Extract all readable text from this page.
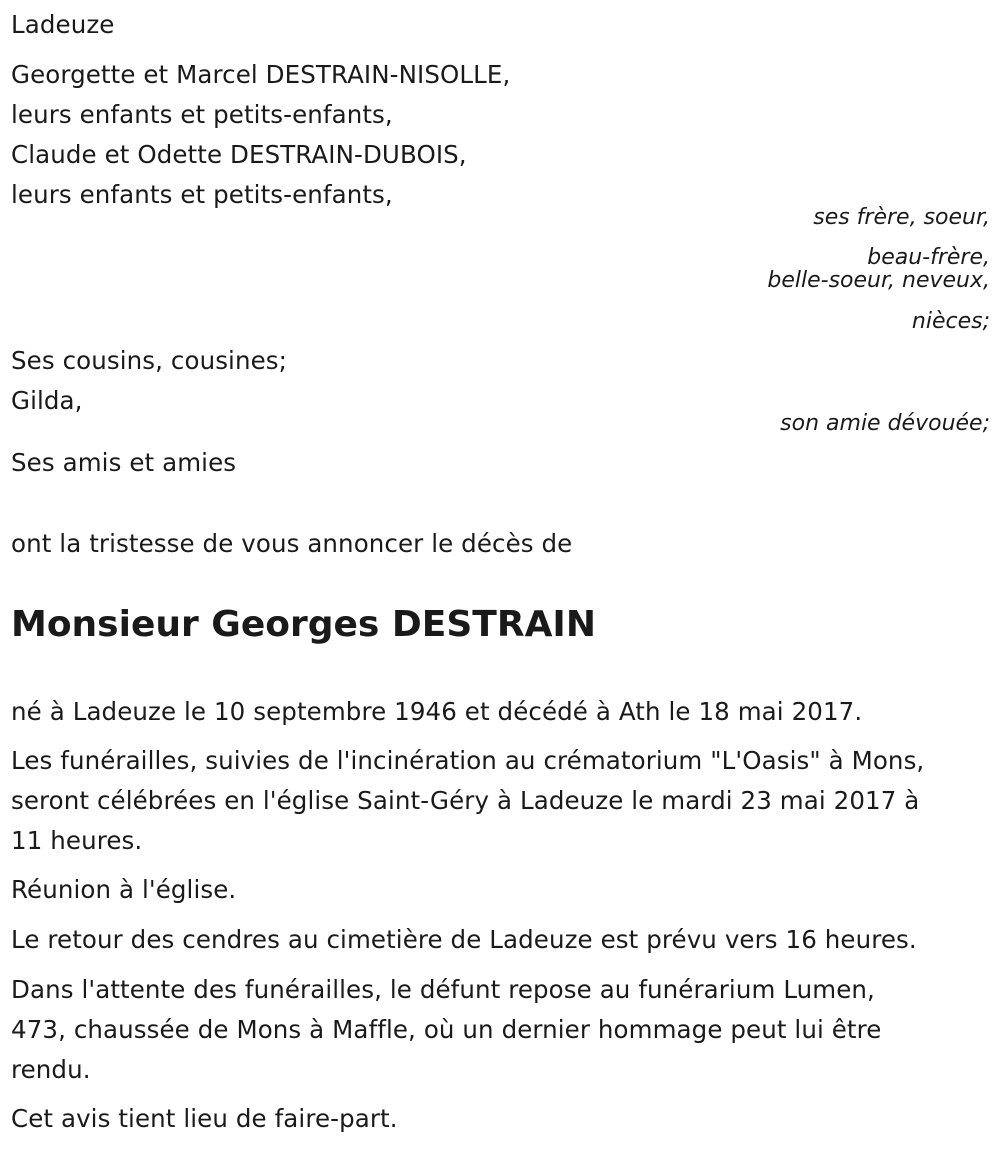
Ladeuze
Georgette et Marcel DESTRAIN-NISOLLE,
leurs enfants et petits-enfants,
Claude et Odette DESTRAIN-DUBOIS,
leurs enfants et petits-enfants,
ses frère, soeur,
beau-frère,
belle-soeur, neveux,
nièces;
Ses cousins, cousines;
Gilda,
son amie dévouée;
Ses amis et amies
ont la tristesse de vous annoncer le décès de
Monsieur Georges DESTRAIN
né à Ladeuze le 10 septembre 1946 et décédé à Ath le 18 mai 2017.
Les funérailles, suivies de l'incinération au crématorium "L'Oasis" à Mons,
seront célébrées en l'église Saint-Géry à Ladeuze le mardi 23 mai 2017 à
11 heures.
Réunion à l'église.
Le retour des cendres au cimetière de Ladeuze est prévu vers 16 heures.
Dans l'attente des funérailles, le défunt repose au funérarium Lumen,
473, chaussée de Mons à Maffle, où un dernier hommage peut lui être
rendu.
Cet avis tient lieu de faire-part.
